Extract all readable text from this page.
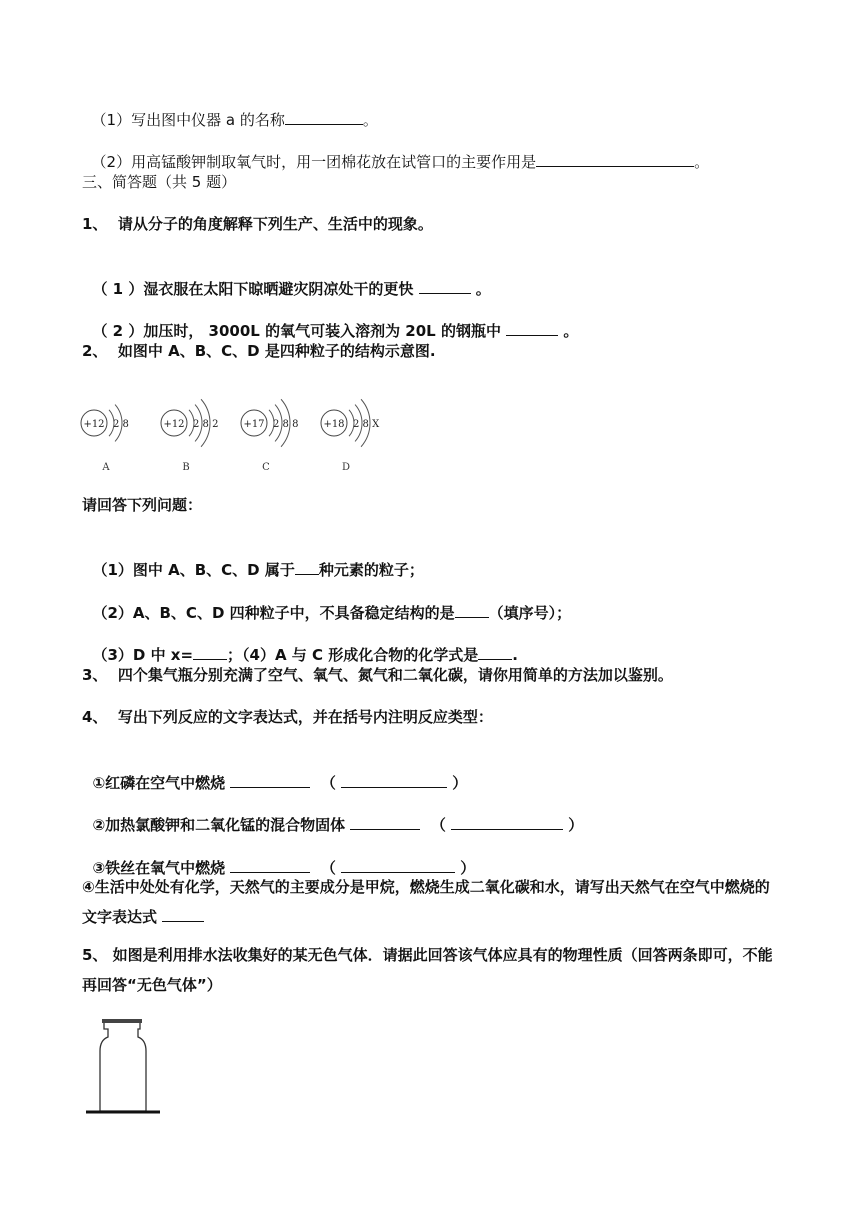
（1）写出图中仪器 a 的名称	。

（2）用高锰酸钾制取氧气时，用一团棉花放在试管口的主要作用是	。

三、简答题（共 5 题）
1、  请从分子的角度解释下列生产、生活中的现象。

（ 1 ）湿衣服在太阳下晾晒避灾阴凉处干的更快	。

（ 2 ）加压时， 3000L 的氧气可装入溶剂为 20L 的钢瓶中	。

2、  如图中 A、B、C、D 是四种粒子的结构示意图.
+12 2 8
A
+12 2 8 2
B
+17 2 8 8
C
+18 2 8 X
D
请回答下列问题：

（1）图中 A、B、C、D 属于 种元素的粒子；

（2）A、B、C、D 四种粒子中，不具备稳定结构的是 （填序号）；

（3）D 中 x= ；（4）A 与 C 形成化合物的化学式是 .

3、  四个集气瓶分别充满了空气、氧气、氮气和二氧化碳，请你用简单的方法加以鉴别。
4、  写出下列反应的文字表达式，并在括号内注明反应类型：

①红磷在空气中燃烧	（	）

②加热氯酸钾和二氧化锰的混合物固体	（	）

③铁丝在氧气中燃烧	（	）

④生活中处处有化学，天然气的主要成分是甲烷，燃烧生成二氧化碳和水，请写出天然气在空气中燃烧的文字表达式
5、 如图是利用排水法收集好的某无色气体．请据此回答该气体应具有的物理性质（回答两条即可，不能再回答“无色气体”）
